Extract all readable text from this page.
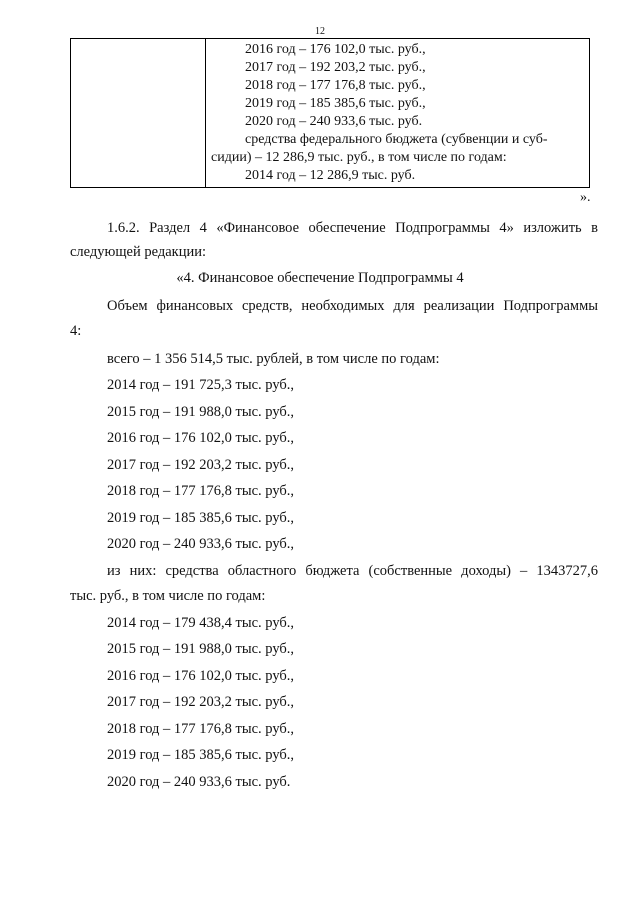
12
2016 год – 176 102,0 тыс. руб.,
2017 год – 192 203,2 тыс. руб.,
2018 год – 177 176,8 тыс. руб.,
2019 год – 185 385,6 тыс. руб.,
2020 год – 240 933,6 тыс. руб.
средства федерального бюджета (субвенции и суб-
сидии) – 12 286,9 тыс. руб., в том числе по годам:
2014 год – 12 286,9 тыс. руб.
».
1.6.2. Раздел 4 «Финансовое обеспечение Подпрограммы 4» изложить в
следующей редакции:
«4. Финансовое обеспечение Подпрограммы 4
Объем финансовых средств, необходимых для реализации Подпрограммы
4:
всего – 1 356 514,5 тыс. рублей, в том числе по годам:
2014 год – 191 725,3 тыс. руб.,
2015 год – 191 988,0 тыс. руб.,
2016 год – 176 102,0 тыс. руб.,
2017 год – 192 203,2 тыс. руб.,
2018 год – 177 176,8 тыс. руб.,
2019 год – 185 385,6 тыс. руб.,
2020 год – 240 933,6 тыс. руб.,
из них: средства областного бюджета (собственные доходы) – 1343727,6
тыс. руб., в том числе по годам:
2014 год – 179 438,4 тыс. руб.,
2015 год – 191 988,0 тыс. руб.,
2016 год – 176 102,0 тыс. руб.,
2017 год – 192 203,2 тыс. руб.,
2018 год – 177 176,8 тыс. руб.,
2019 год – 185 385,6 тыс. руб.,
2020 год – 240 933,6 тыс. руб.
